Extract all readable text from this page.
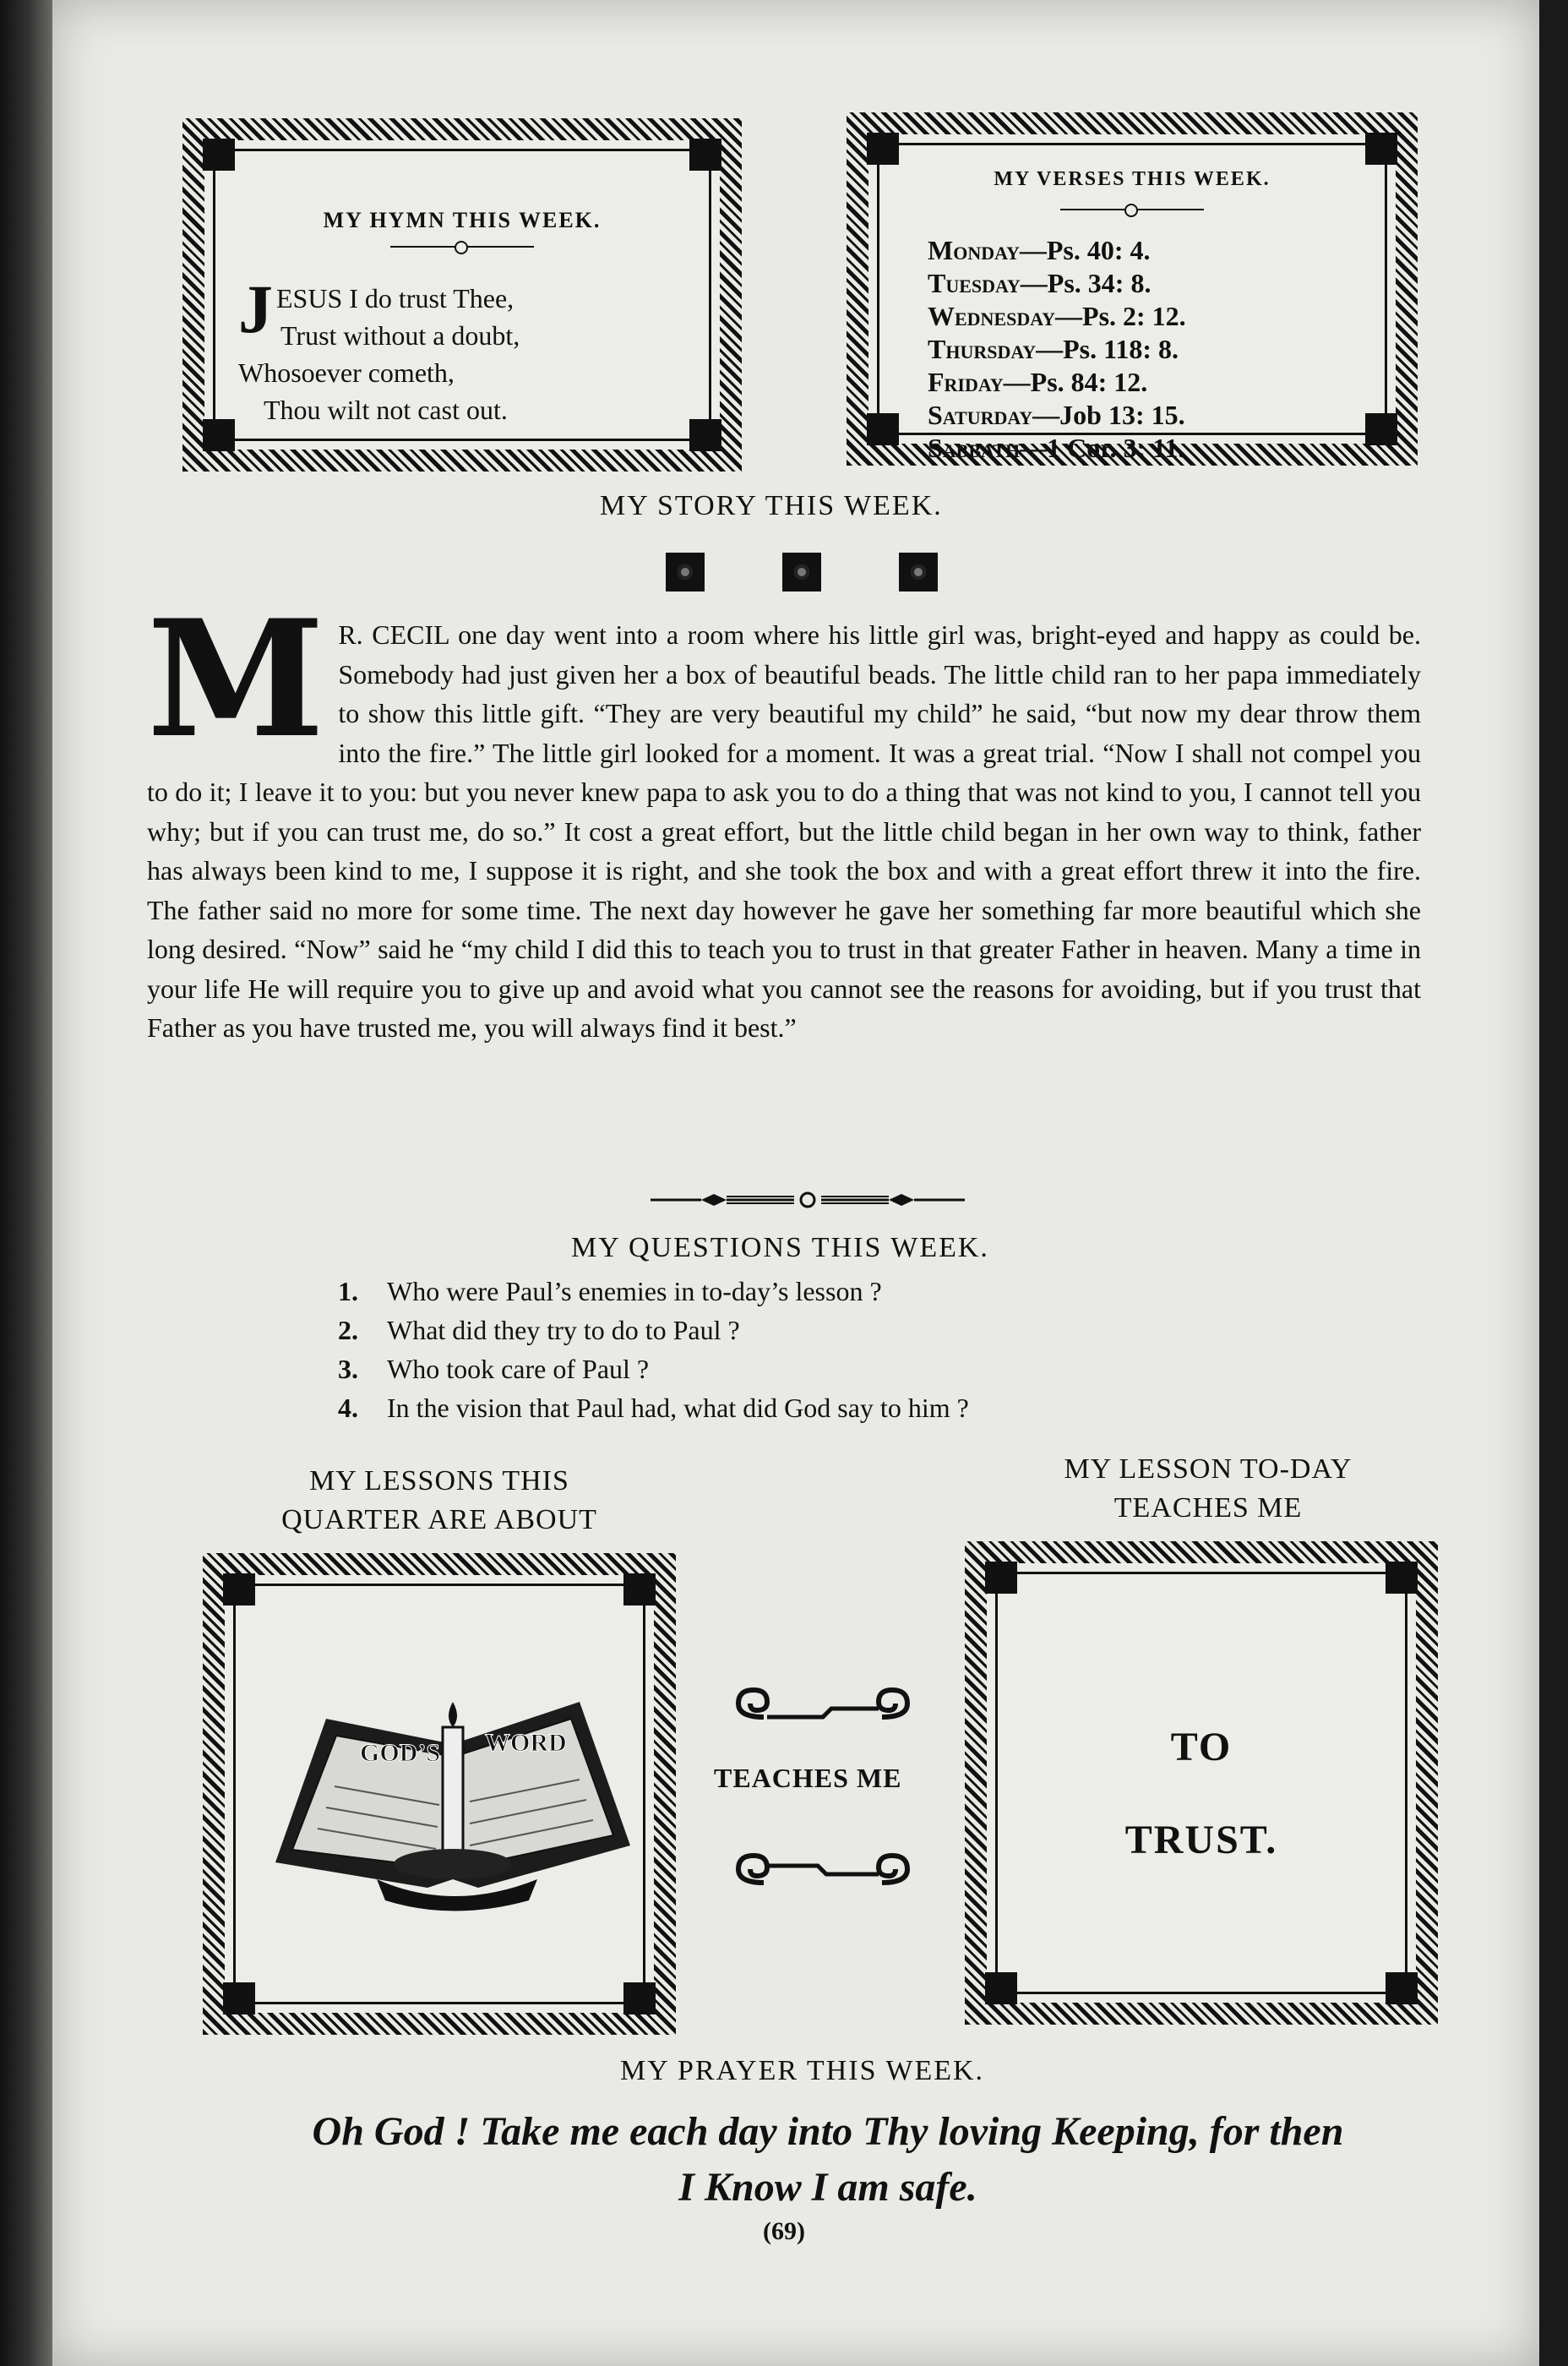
MY HYMN THIS WEEK.
J ESUS I do trust Thee,
Trust without a doubt,
Whosoever cometh,
Thou wilt not cast out.
MY VERSES THIS WEEK.
Monday—Ps. 40: 4.
Tuesday—Ps. 34: 8.
Wednesday—Ps. 2: 12.
Thursday—Ps. 118: 8.
Friday—Ps. 84: 12.
Saturday—Job 13: 15.
Sabbath—1 Cor. 3: 11.
MY STORY THIS WEEK.
M R. CECIL one day went into a room where his little girl was, bright-eyed and happy as could be. Somebody had just given her a box of beautiful beads. The little child ran to her papa immediately to show this little gift. “They are very beautiful my child” he said, “but now my dear throw them into the fire.” The little girl looked for a moment. It was a great trial. “Now I shall not compel you to do it; I leave it to you: but you never knew papa to ask you to do a thing that was not kind to you, I cannot tell you why; but if you can trust me, do so.” It cost a great effort, but the little child began in her own way to think, father has always been kind to me, I suppose it is right, and she took the box and with a great effort threw it into the fire. The father said no more for some time. The next day however he gave her something far more beautiful which she long desired. “Now” said he “my child I did this to teach you to trust in that greater Father in heaven. Many a time in your life He will require you to give up and avoid what you cannot see the reasons for avoiding, but if you trust that Father as you have trusted me, you will always find it best.”
MY QUESTIONS THIS WEEK.
1. Who were Paul’s enemies in to-day’s lesson ?
2. What did they try to do to Paul ?
3. Who took care of Paul ?
4. In the vision that Paul had, what did God say to him ?
MY LESSONS THIS
QUARTER ARE ABOUT
MY LESSON TO-DAY
TEACHES ME
GOD’S WORD
TEACHES ME
TO
TRUST.
MY PRAYER THIS WEEK.
Oh God ! Take me each day into Thy loving Keeping, for then
I Know I am safe.
(69)
